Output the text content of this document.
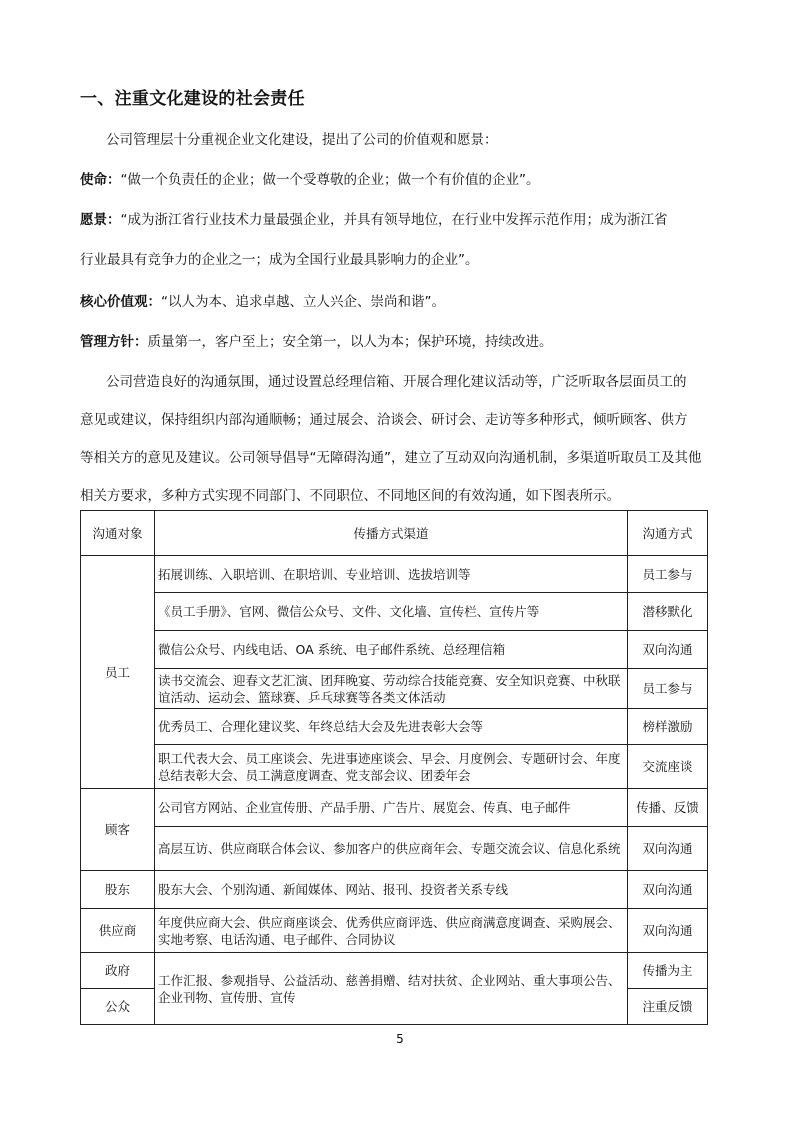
一、注重文化建设的社会责任
公司管理层十分重视企业文化建设，提出了公司的价值观和愿景：
使命：“做一个负责任的企业；做一个受尊敬的企业；做一个有价值的企业”。
愿景：“成为浙江省行业技术力量最强企业，并具有领导地位，在行业中发挥示范作用；成为浙江省
行业最具有竞争力的企业之一；成为全国行业最具影响力的企业”。
核心价值观：“以人为本、追求卓越、立人兴企、崇尚和谐”。
管理方针：质量第一，客户至上；安全第一，以人为本；保护环境，持续改进。
公司营造良好的沟通氛围，通过设置总经理信箱、开展合理化建议活动等，广泛听取各层面员工的
意见或建议，保持组织内部沟通顺畅；通过展会、洽谈会、研讨会、走访等多种形式，倾听顾客、供方
等相关方的意见及建议。公司领导倡导“无障碍沟通”，建立了互动双向沟通机制，多渠道听取员工及其他
相关方要求，多种方式实现不同部门、不同职位、不同地区间的有效沟通，如下图表所示。
沟通对象	传播方式渠道	沟通方式
员工	拓展训练、入职培训、在职培训、专业培训、选拔培训等	员工参与
	《员工手册》、官网、微信公众号、文件、文化墙、宣传栏、宣传片等	潜移默化
	微信公众号、内线电话、OA 系统、电子邮件系统、总经理信箱	双向沟通
	读书交流会、迎春文艺汇演、团拜晚宴、劳动综合技能竞赛、安全知识竞赛、中秋联谊活动、运动会、篮球赛、乒乓球赛等各类文体活动	员工参与
	优秀员工、合理化建议奖、年终总结大会及先进表彰大会等	榜样激励
	职工代表大会、员工座谈会、先进事迹座谈会、早会、月度例会、专题研讨会、年度总结表彰大会、员工满意度调查、党支部会议、团委年会	交流座谈
顾客	公司官方网站、企业宣传册、产品手册、广告片、展览会、传真、电子邮件	传播、反馈
	高层互访、供应商联合体会议、参加客户的供应商年会、专题交流会议、信息化系统	双向沟通
股东	股东大会、个别沟通、新闻媒体、网站、报刊、投资者关系专线	双向沟通
供应商	年度供应商大会、供应商座谈会、优秀供应商评选、供应商满意度调查、采购展会、实地考察、电话沟通、电子邮件、合同协议	双向沟通
政府	工作汇报、参观指导、公益活动、慈善捐赠、结对扶贫、企业网站、重大事项公告、企业刊物、宣传册、宣传	传播为主
公众		注重反馈
5
